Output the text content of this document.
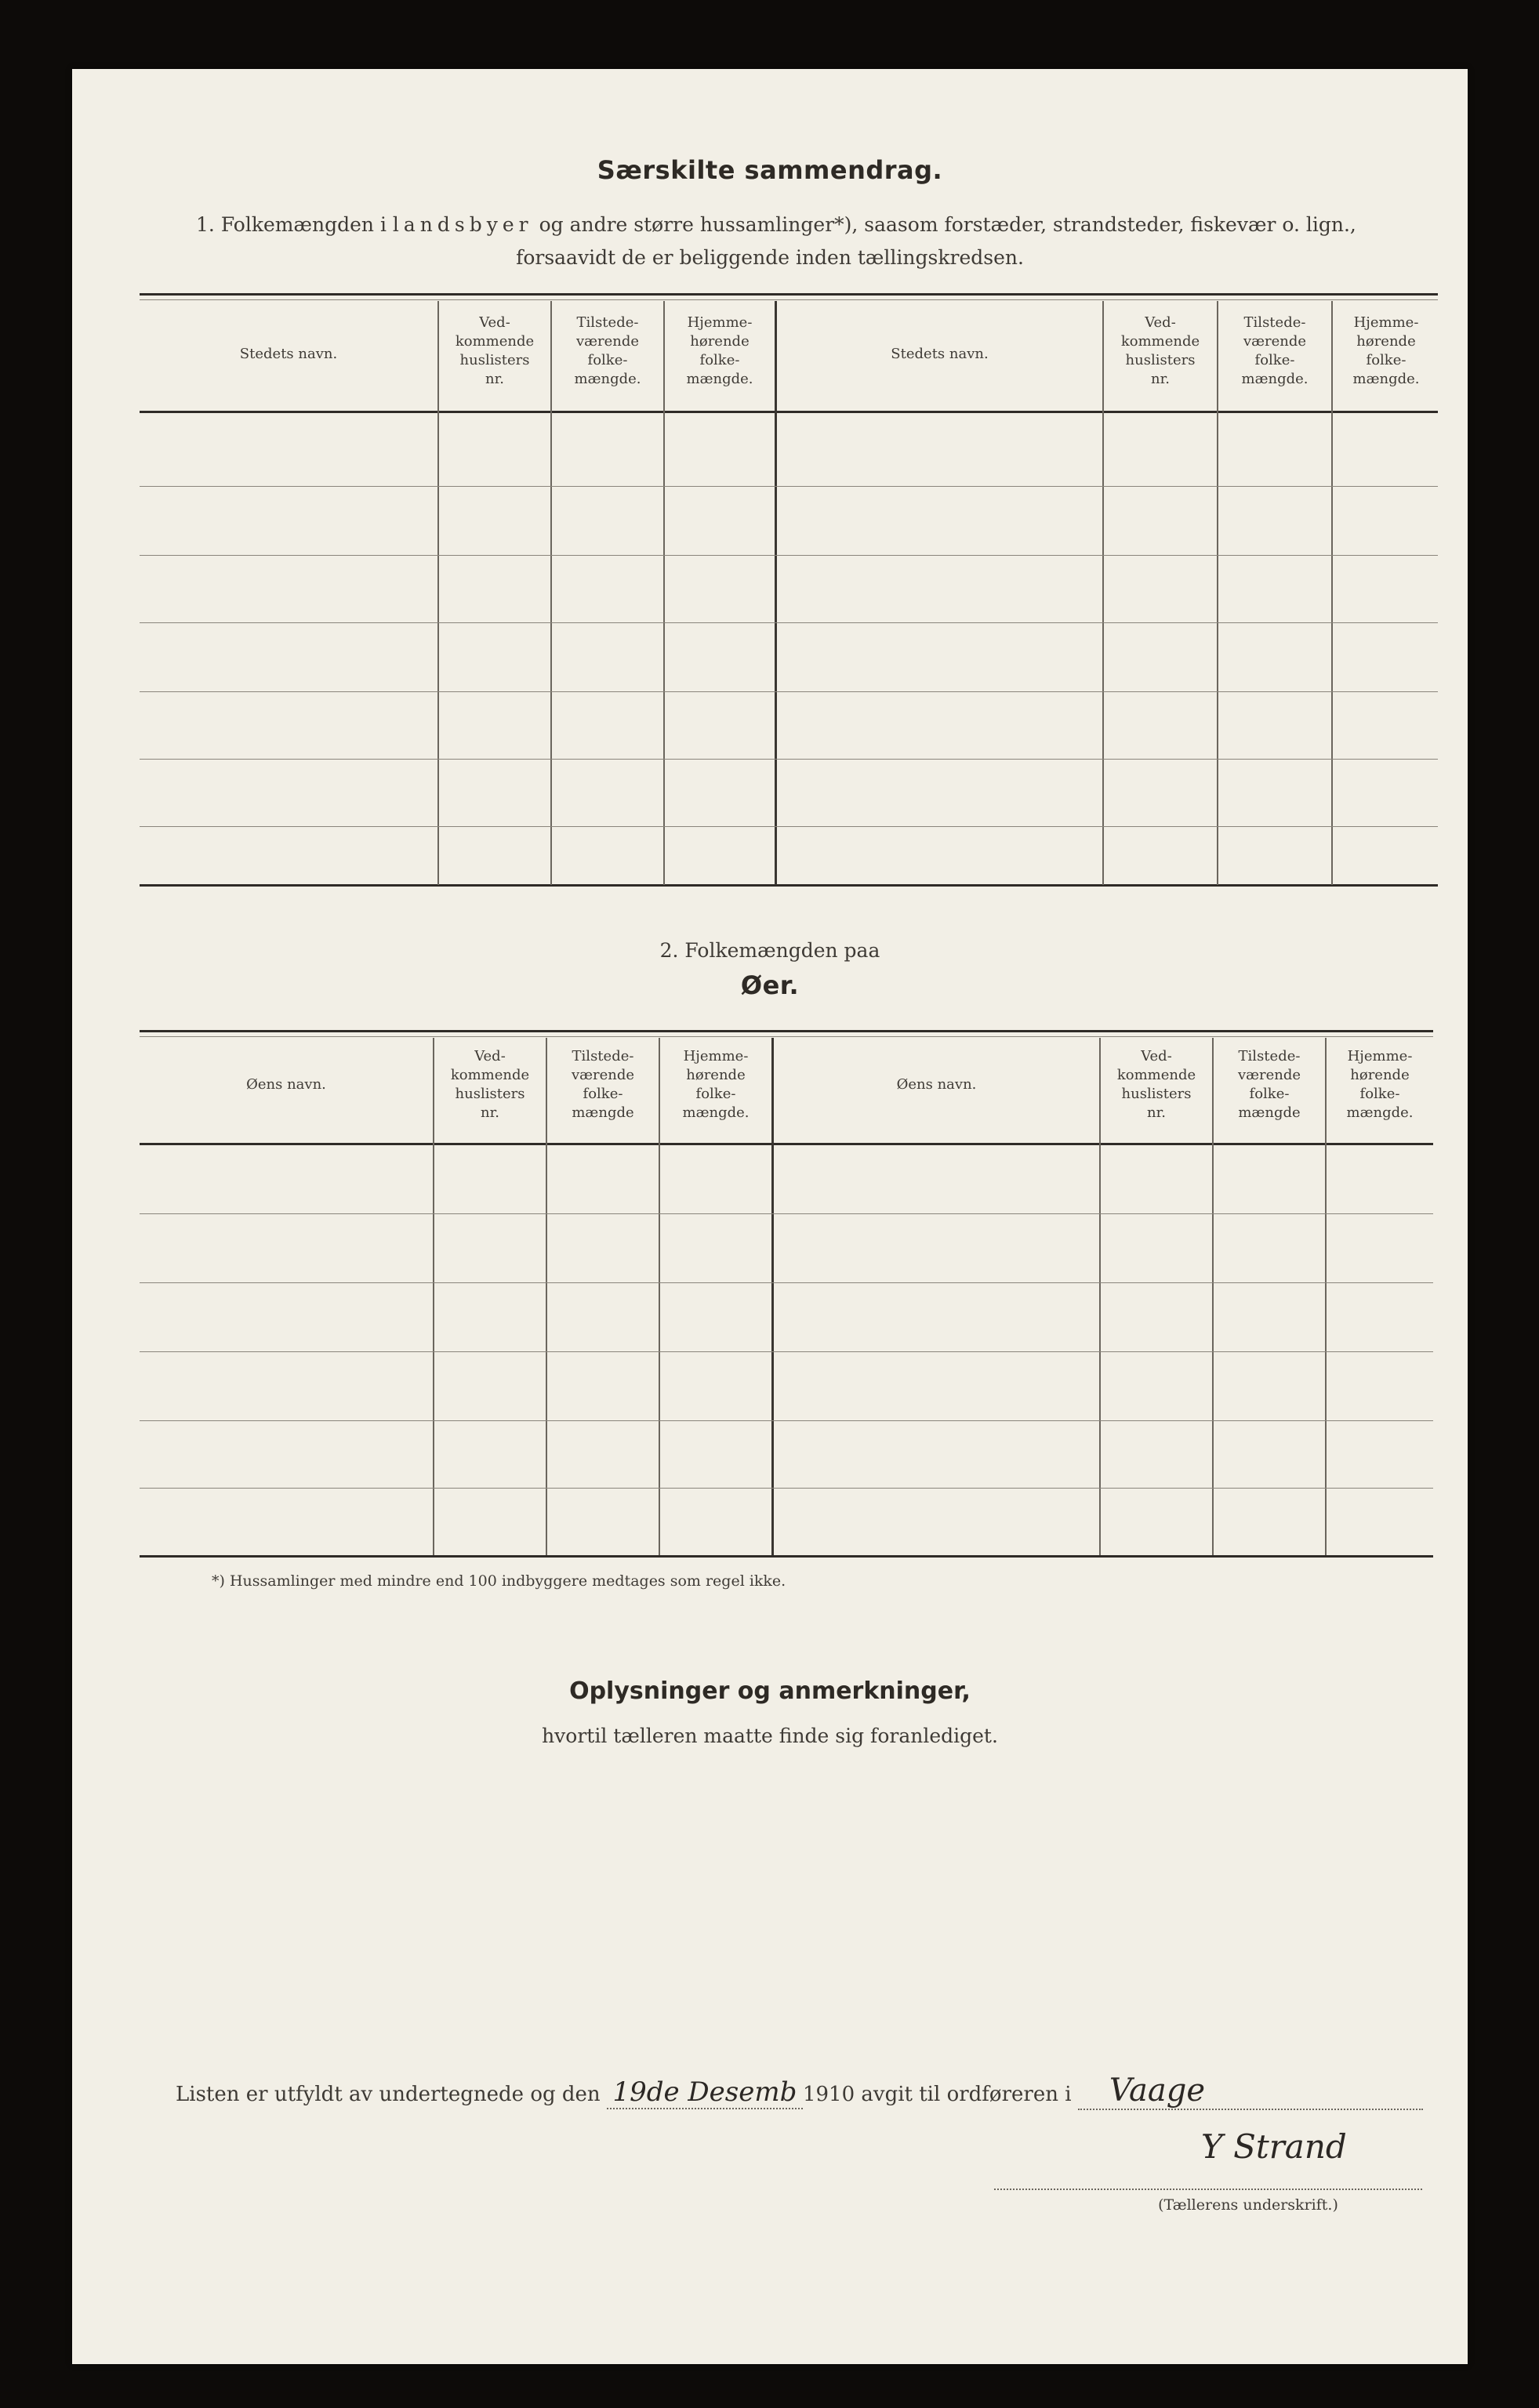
Særskilte sammendrag.
1. Folkemængden i landsbyer og andre større hussamlinger*), saasom forstæder, strandsteder, fiskevær o. lign.,
forsaavidt de er beliggende inden tællingskredsen.
Stedets navn.
Ved-
kommende
huslisters
nr.
Tilstede-
værende
folke-
mængde.
Hjemme-
hørende
folke-
mængde.
Stedets navn.
Ved-
kommende
huslisters
nr.
Tilstede-
værende
folke-
mængde.
Hjemme-
hørende
folke-
mængde.
2. Folkemængden paa
Øer.
Øens navn.
Ved-
kommende
huslisters
nr.
Tilstede-
værende
folke-
mængde
Hjemme-
hørende
folke-
mængde.
Øens navn.
Ved-
kommende
huslisters
nr.
Tilstede-
værende
folke-
mængde
Hjemme-
hørende
folke-
mængde.
*) Hussamlinger med mindre end 100 indbyggere medtages som regel ikke.
Oplysninger og anmerkninger,
hvortil tælleren maatte finde sig foranlediget.
Listen er utfyldt av undertegnede og den 19de Desemb 1910 avgit til ordføreren i Vaage
Y Strand
(Tællerens underskrift.)
